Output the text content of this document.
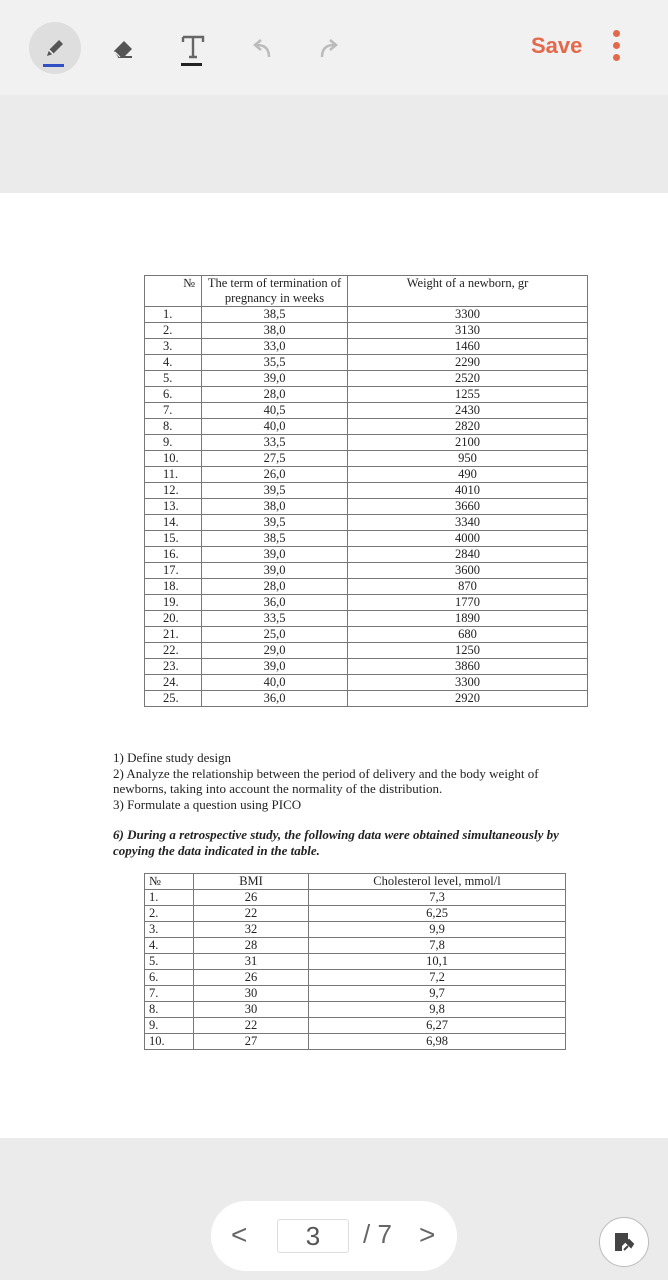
Save
№	The term of termination of pregnancy in weeks	Weight of a newborn, gr
1.	38,5	3300
2.	38,0	3130
3.	33,0	1460
4.	35,5	2290
5.	39,0	2520
6.	28,0	1255
7.	40,5	2430
8.	40,0	2820
9.	33,5	2100
10.	27,5	950
11.	26,0	490
12.	39,5	4010
13.	38,0	3660
14.	39,5	3340
15.	38,5	4000
16.	39,0	2840
17.	39,0	3600
18.	28,0	870
19.	36,0	1770
20.	33,5	1890
21.	25,0	680
22.	29,0	1250
23.	39,0	3860
24.	40,0	3300
25.	36,0	2920
1) Define study design
2) Analyze the relationship between the period of delivery and the body weight of newborns, taking into account the normality of the distribution.
3) Formulate a question using PICO
6) During a retrospective study, the following data were obtained simultaneously by copying the data indicated in the table.
№	BMI	Cholesterol level, mmol/l
1.	26	7,3
2.	22	6,25
3.	32	9,9
4.	28	7,8
5.	31	10,1
6.	26	7,2
7.	30	9,7
8.	30	9,8
9.	22	6,27
10.	27	6,98
<	3	/ 7 >
